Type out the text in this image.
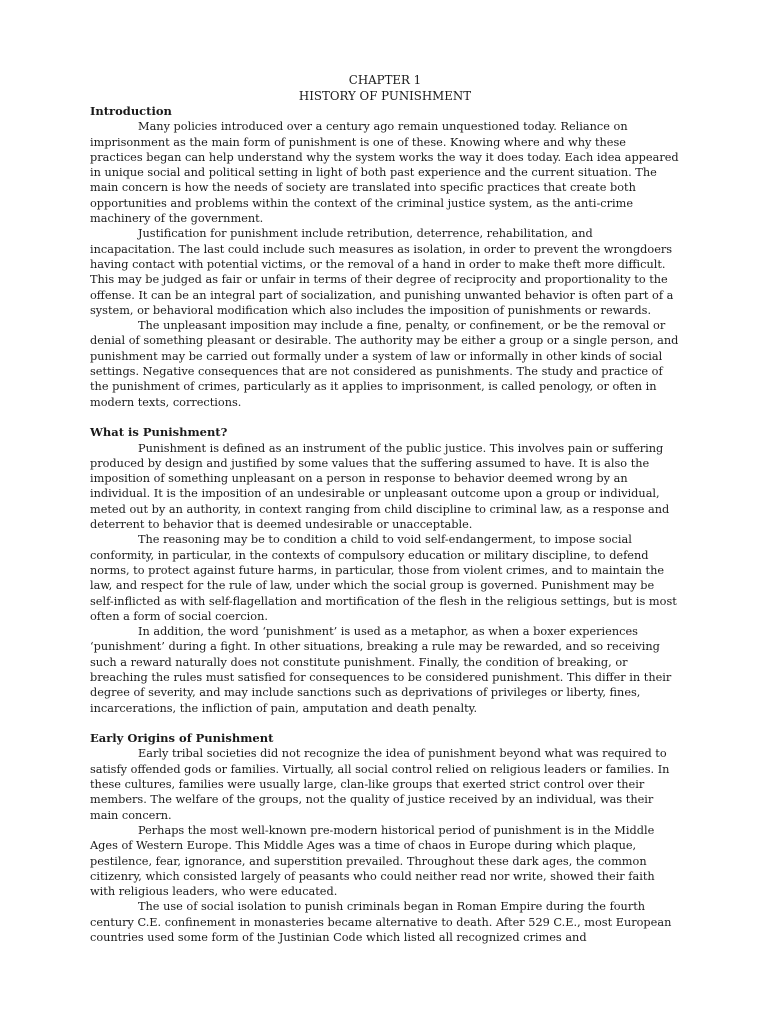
CHAPTER 1
HISTORY OF PUNISHMENT
Introduction

Many policies introduced over a century ago remain unquestioned today. Reliance on imprisonment as the main form of punishment is one of these. Knowing where and why these practices began can help understand why the system works the way it does today. Each idea appeared in unique social and political setting in light of both past experience and the current situation. The main concern is how the needs of society are translated into specific practices that create both opportunities and problems within the context of the criminal justice system, as the anti-crime machinery of the government.

Justification for punishment include retribution, deterrence, rehabilitation, and incapacitation. The last could include such measures as isolation, in order to prevent the wrongdoers having contact with potential victims, or the removal of a hand in order to make theft more difficult. This may be judged as fair or unfair in terms of their degree of reciprocity and proportionality to the offense. It can be an integral part of socialization, and punishing unwanted behavior is often part of a system, or behavioral modification which also includes the imposition of punishments or rewards.

The unpleasant imposition may include a fine, penalty, or confinement, or be the removal or denial of something pleasant or desirable. The authority may be either a group or a single person, and punishment may be carried out formally under a system of law or informally in other kinds of social settings. Negative consequences that are not considered as punishments. The study and practice of the punishment of crimes, particularly as it applies to imprisonment, is called penology, or often in modern texts, corrections.

What is Punishment?

Punishment is defined as an instrument of the public justice. This involves pain or suffering produced by design and justified by some values that the suffering assumed to have. It is also the imposition of something unpleasant on a person in response to behavior deemed wrong by an individual. It is the imposition of an undesirable or unpleasant outcome upon a group or individual, meted out by an authority, in context ranging from child discipline to criminal law, as a response and deterrent to behavior that is deemed undesirable or unacceptable.

The reasoning may be to condition a child to void self-endangerment, to impose social conformity, in particular, in the contexts of compulsory education or military discipline, to defend norms, to protect against future harms, in particular, those from violent crimes, and to maintain the law, and respect for the rule of law, under which the social group is governed. Punishment may be self-inflicted as with self-flagellation and mortification of the flesh in the religious settings, but is most often a form of social coercion.

In addition, the word ‘punishment’ is used as a metaphor, as when a boxer experiences ‘punishment’ during a fight. In other situations, breaking a rule may be rewarded, and so receiving such a reward naturally does not constitute punishment. Finally, the condition of breaking, or breaching the rules must satisfied for consequences to be considered punishment. This differ in their degree of severity, and may include sanctions such as deprivations of privileges or liberty, fines, incarcerations, the infliction of pain, amputation and death penalty.

Early Origins of Punishment

Early tribal societies did not recognize the idea of punishment beyond what was required to satisfy offended gods or families. Virtually, all social control relied on religious leaders or families. In these cultures, families were usually large, clan-like groups that exerted strict control over their members. The welfare of the groups, not the quality of justice received by an individual, was their main concern.

Perhaps the most well-known pre-modern historical period of punishment is in the Middle Ages of Western Europe. This Middle Ages was a time of chaos in Europe during which plaque, pestilence, fear, ignorance, and superstition prevailed. Throughout these dark ages, the common citizenry, which consisted largely of peasants who could neither read nor write, showed their faith with religious leaders, who were educated.

The use of social isolation to punish criminals began in Roman Empire during the fourth century C.E. confinement in monasteries became alternative to death. After 529 C.E., most European countries used some form of the Justinian Code which listed all recognized crimes and
